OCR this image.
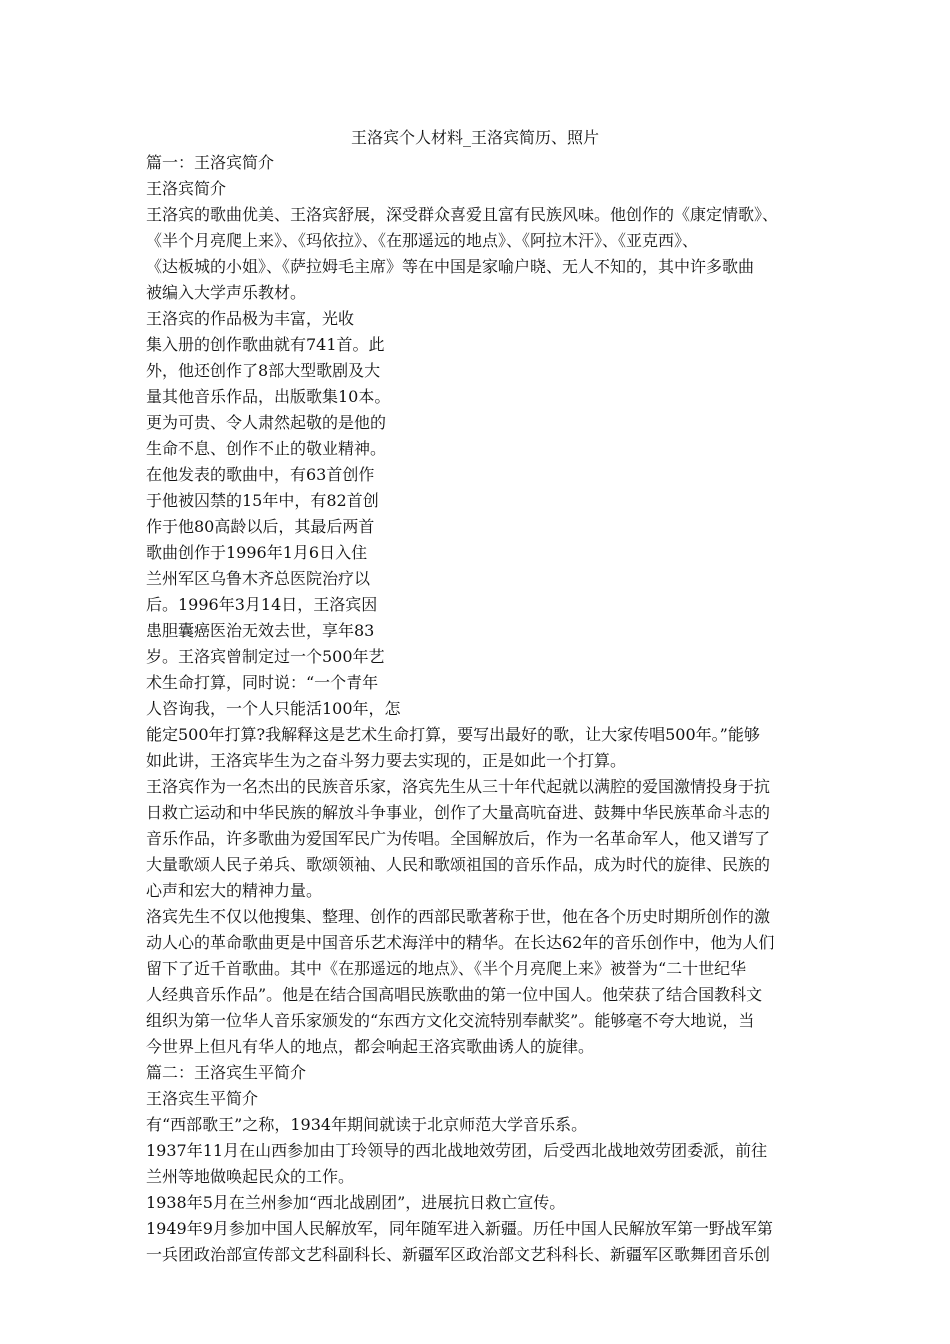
王洛宾个人材料_王洛宾简历、照片
篇一：王洛宾简介
王洛宾简介
王洛宾的歌曲优美、王洛宾舒展，深受群众喜爱且富有民族风味。他创作的《康定情歌》、
《半个月亮爬上来》、《玛依拉》、《在那遥远的地点》、《阿拉木汗》、《亚克西》、
《达板城的小姐》、《萨拉姆毛主席》等在中国是家喻户晓、无人不知的，其中许多歌曲
被编入大学声乐教材。
王洛宾的作品极为丰富，光收
集入册的创作歌曲就有741首。此
外，他还创作了8部大型歌剧及大
量其他音乐作品，出版歌集10本。
更为可贵、令人肃然起敬的是他的
生命不息、创作不止的敬业精神。
在他发表的歌曲中，有63首创作
于他被囚禁的15年中，有82首创
作于他80高龄以后，其最后两首
歌曲创作于1996年1月6日入住
兰州军区乌鲁木齐总医院治疗以
后。1996年3月14日，王洛宾因
患胆囊癌医治无效去世，享年83
岁。王洛宾曾制定过一个500年艺
术生命打算，同时说：“一个青年
人咨询我，一个人只能活100年，怎
能定500年打算?我解释这是艺术生命打算，要写出最好的歌，让大家传唱500年。”能够
如此讲，王洛宾毕生为之奋斗努力要去实现的，正是如此一个打算。
王洛宾作为一名杰出的民族音乐家，洛宾先生从三十年代起就以满腔的爱国激情投身于抗
日救亡运动和中华民族的解放斗争事业，创作了大量高吭奋进、鼓舞中华民族革命斗志的
音乐作品，许多歌曲为爱国军民广为传唱。全国解放后，作为一名革命军人，他又谱写了
大量歌颂人民子弟兵、歌颂领袖、人民和歌颂祖国的音乐作品，成为时代的旋律、民族的
心声和宏大的精神力量。
洛宾先生不仅以他搜集、整理、创作的西部民歌著称于世，他在各个历史时期所创作的激
动人心的革命歌曲更是中国音乐艺术海洋中的精华。在长达62年的音乐创作中，他为人们
留下了近千首歌曲。其中《在那遥远的地点》、《半个月亮爬上来》被誉为“二十世纪华
人经典音乐作品”。他是在结合国高唱民族歌曲的第一位中国人。他荣获了结合国教科文
组织为第一位华人音乐家颁发的“东西方文化交流特别奉献奖”。能够毫不夸大地说，当
今世界上但凡有华人的地点，都会响起王洛宾歌曲诱人的旋律。
篇二：王洛宾生平简介
王洛宾生平简介
有“西部歌王”之称，1934年期间就读于北京师范大学音乐系。
1937年11月在山西参加由丁玲领导的西北战地效劳团，后受西北战地效劳团委派，前往
兰州等地做唤起民众的工作。
1938年5月在兰州参加“西北战剧团”，进展抗日救亡宣传。
1949年9月参加中国人民解放军，同年随军进入新疆。历任中国人民解放军第一野战军第
一兵团政治部宣传部文艺科副科长、新疆军区政治部文艺科科长、新疆军区歌舞团音乐创
